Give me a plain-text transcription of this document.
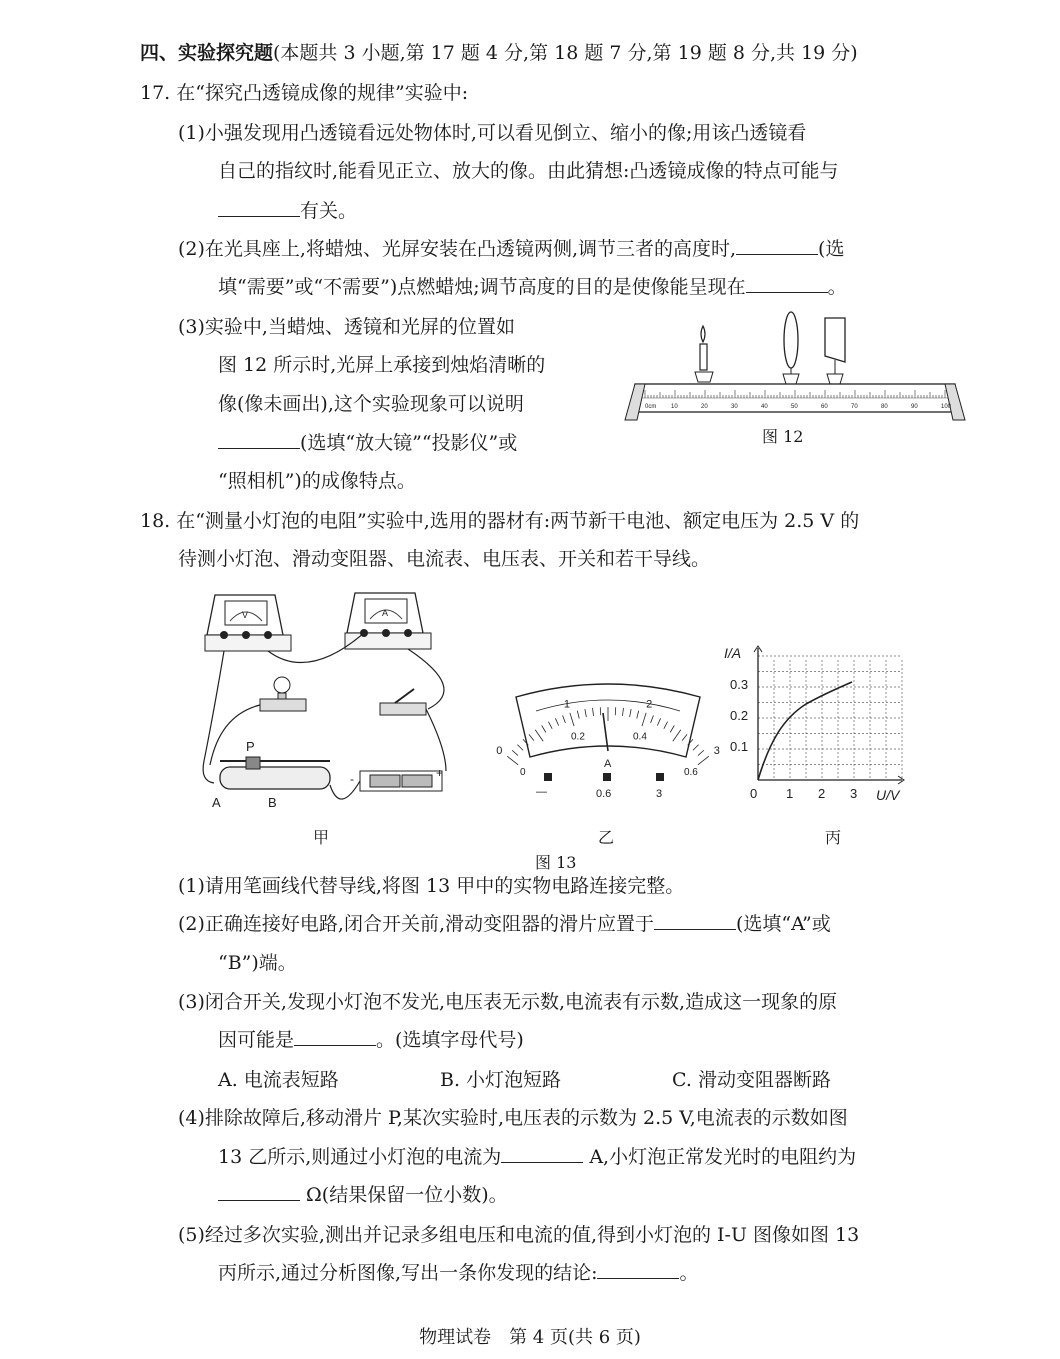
四、实验探究题(本题共 3 小题,第 17 题 4 分,第 18 题 7 分,第 19 题 8 分,共 19 分)
17. 在“探究凸透镜成像的规律”实验中:
(1)小强发现用凸透镜看远处物体时,可以看见倒立、缩小的像;用该凸透镜看
自己的指纹时,能看见正立、放大的像。由此猜想:凸透镜成像的特点可能与
有关。
(2)在光具座上,将蜡烛、光屏安装在凸透镜两侧,调节三者的高度时,	(选
填“需要”或“不需要”)点燃蜡烛;调节高度的目的是使像能呈现在	。
(3)实验中,当蜡烛、透镜和光屏的位置如
图 12 所示时,光屏上承接到烛焰清晰的
像(像未画出),这个实验现象可以说明
(选填“放大镜”“投影仪”或
“照相机”)的成像特点。
0cm 10	20	30	40	50	60	70	80	90	100
图 12
18. 在“测量小灯泡的电阻”实验中,选用的器材有:两节新干电池、额定电压为 2.5 V 的
待测小灯泡、滑动变阻器、电流表、电压表、开关和若干导线。
V	A
P
A	B
-	+
甲
0
1	2
3
0
0.2	0.4
0.6
A
—	0.6	3
乙
I/A
U/V
0.3
0.2
0.1
0 1 2 3
丙
图 13
(1)请用笔画线代替导线,将图 13 甲中的实物电路连接完整。
(2)正确连接好电路,闭合开关前,滑动变阻器的滑片应置于	(选填“A”或
“B”)端。
(3)闭合开关,发现小灯泡不发光,电压表无示数,电流表有示数,造成这一现象的原
因可能是	。(选填字母代号)
A. 电流表短路	B. 小灯泡短路	C. 滑动变阻器断路
(4)排除故障后,移动滑片 P,某次实验时,电压表的示数为 2.5 V,电流表的示数如图
13 乙所示,则通过小灯泡的电流为	A,小灯泡正常发光时的电阻约为
Ω(结果保留一位小数)。
(5)经过多次实验,测出并记录多组电压和电流的值,得到小灯泡的 I-U 图像如图 13
丙所示,通过分析图像,写出一条你发现的结论:	。
物理试卷　第 4 页(共 6 页)
